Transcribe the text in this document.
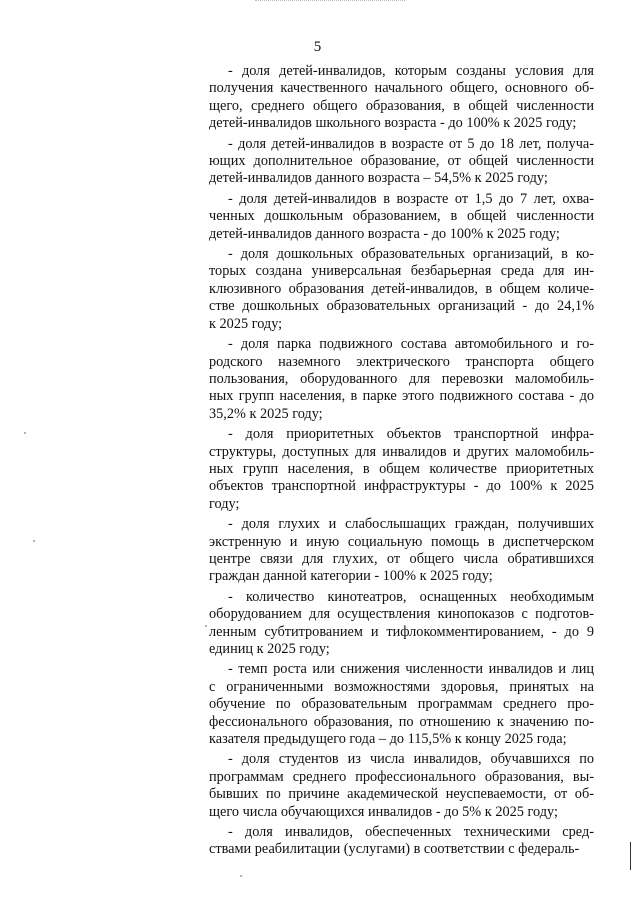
5
- доля детей-инвалидов, которым созданы условия для
получения качественного начального общего, основного об-
щего, среднего общего образования, в общей численности
детей-инвалидов школьного возраста - до 100% к 2025 году;
- доля детей-инвалидов в возрасте от 5 до 18 лет, получа-
ющих дополнительное образование, от общей численности
детей-инвалидов данного возраста – 54,5% к 2025 году;
- доля детей-инвалидов в возрасте от 1,5 до 7 лет, охва-
ченных дошкольным образованием, в общей численности
детей-инвалидов данного возраста - до 100% к 2025 году;
- доля дошкольных образовательных организаций, в ко-
торых создана универсальная безбарьерная среда для ин-
клюзивного образования детей-инвалидов, в общем количе-
стве дошкольных образовательных организаций - до 24,1%
к 2025 году;
- доля парка подвижного состава автомобильного и го-
родского наземного электрического транспорта общего
пользования, оборудованного для перевозки маломобиль-
ных групп населения, в парке этого подвижного состава - до
35,2% к 2025 году;
- доля приоритетных объектов транспортной инфра-
структуры, доступных для инвалидов и других маломобиль-
ных групп населения, в общем количестве приоритетных
объектов транспортной инфраструктуры - до 100% к 2025
году;
- доля глухих и слабослышащих граждан, получивших
экстренную и иную социальную помощь в диспетчерском
центре связи для глухих, от общего числа обратившихся
граждан данной категории - 100% к 2025 году;
- количество кинотеатров, оснащенных необходимым
оборудованием для осуществления кинопоказов с подготов-
ленным субтитрованием и тифлокомментированием, - до 9
единиц к 2025 году;
- темп роста или снижения численности инвалидов и лиц
с ограниченными возможностями здоровья, принятых на
обучение по образовательным программам среднего про-
фессионального образования, по отношению к значению по-
казателя предыдущего года – до 115,5% к концу 2025 года;
- доля студентов из числа инвалидов, обучавшихся по
программам среднего профессионального образования, вы-
бывших по причине академической неуспеваемости, от об-
щего числа обучающихся инвалидов - до 5% к 2025 году;
- доля инвалидов, обеспеченных техническими сред-
ствами реабилитации (услугами) в соответствии с федераль-
